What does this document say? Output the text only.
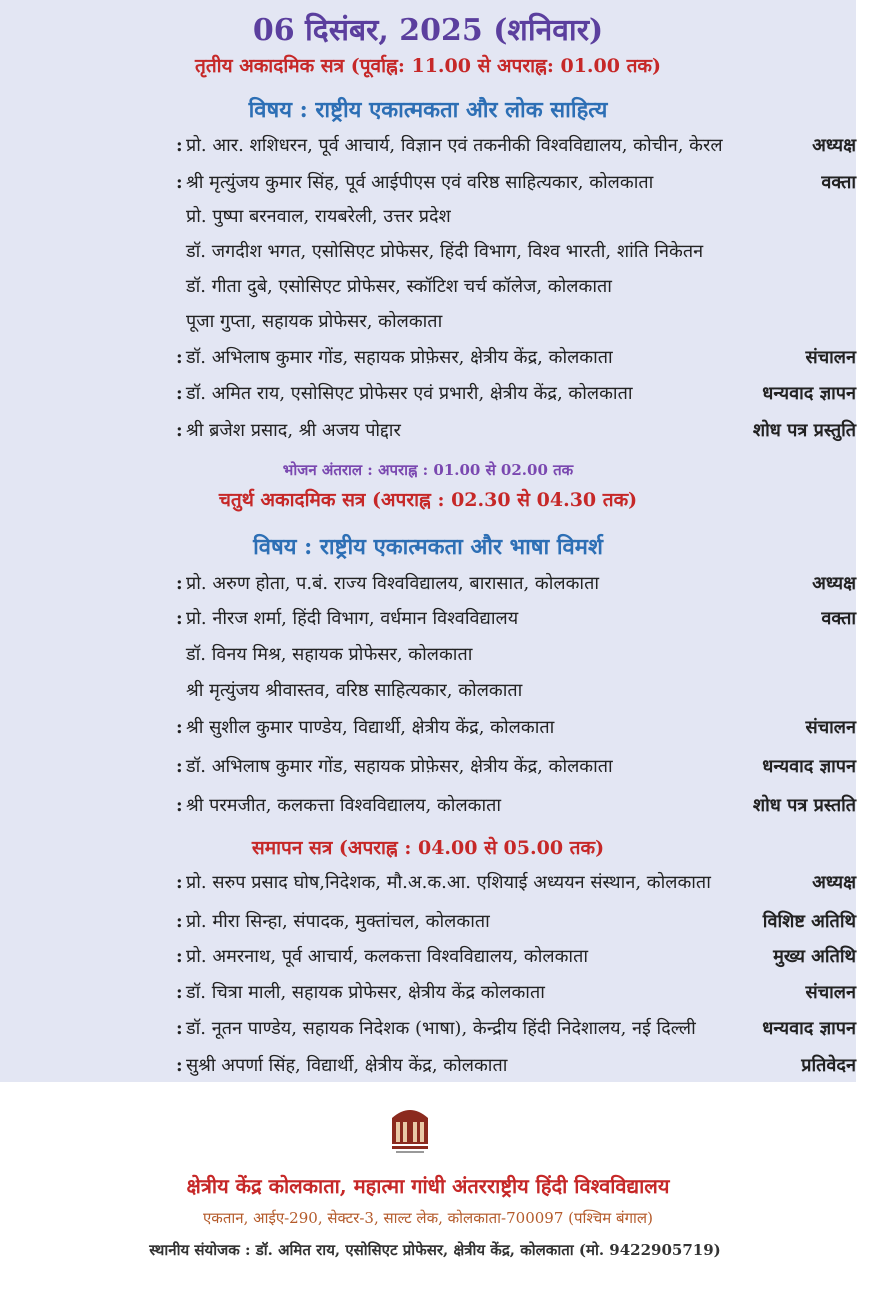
06 दिसंबर, 2025 (शनिवार)
तृतीय अकादमिक सत्र (पूर्वाह्न: 11.00 से अपराह्न: 01.00 तक)
विषय : राष्ट्रीय एकात्मकता और लोक साहित्य
अध्यक्ष
: प्रो. आर. शशिधरन, पूर्व आचार्य, विज्ञान एवं तकनीकी विश्वविद्यालय, कोचीन, केरल
वक्ता
: श्री मृत्युंजय कुमार सिंह, पूर्व आईपीएस एवं वरिष्ठ साहित्यकार, कोलकाता
प्रो. पुष्पा बरनवाल, रायबरेली, उत्तर प्रदेश
डॉ. जगदीश भगत, एसोसिएट प्रोफेसर, हिंदी विभाग, विश्व भारती, शांति निकेतन
डॉ. गीता दुबे, एसोसिएट प्रोफेसर, स्कॉटिश चर्च कॉलेज, कोलकाता
पूजा गुप्ता, सहायक प्रोफेसर, कोलकाता
संचालन
: डॉ. अभिलाष कुमार गोंड, सहायक प्रोफ़ेसर, क्षेत्रीय केंद्र, कोलकाता
धन्यवाद ज्ञापन
: डॉ. अमित राय, एसोसिएट प्रोफेसर एवं प्रभारी, क्षेत्रीय केंद्र, कोलकाता
शोध पत्र प्रस्तुति
: श्री ब्रजेश प्रसाद, श्री अजय पोद्दार
भोजन अंतराल : अपराह्न : 01.00 से 02.00 तक
चतुर्थ अकादमिक सत्र (अपराह्न : 02.30 से 04.30 तक)
विषय : राष्ट्रीय एकात्मकता और भाषा विमर्श
अध्यक्ष
: प्रो. अरुण होता, प.बं. राज्य विश्वविद्यालय, बारासात, कोलकाता
वक्ता
: प्रो. नीरज शर्मा, हिंदी विभाग, वर्धमान विश्वविद्यालय
डॉ. विनय मिश्र, सहायक प्रोफेसर, कोलकाता
श्री मृत्युंजय श्रीवास्तव, वरिष्ठ साहित्यकार, कोलकाता
संचालन
: श्री सुशील कुमार पाण्डेय, विद्यार्थी, क्षेत्रीय केंद्र, कोलकाता
धन्यवाद ज्ञापन
: डॉ. अभिलाष कुमार गोंड, सहायक प्रोफ़ेसर, क्षेत्रीय केंद्र, कोलकाता
शोध पत्र प्रस्तति
: श्री परमजीत, कलकत्ता विश्वविद्यालय, कोलकाता
समापन सत्र (अपराह्न : 04.00 से 05.00 तक)
अध्यक्ष
: प्रो. सरुप प्रसाद घोष,निदेशक, मौ.अ.क.आ. एशियाई अध्ययन संस्थान, कोलकाता
विशिष्ट अतिथि
: प्रो. मीरा सिन्हा, संपादक, मुक्तांचल, कोलकाता
मुख्य अतिथि
: प्रो. अमरनाथ, पूर्व आचार्य, कलकत्ता विश्वविद्यालय, कोलकाता
संचालन
: डॉ. चित्रा माली, सहायक प्रोफेसर, क्षेत्रीय केंद्र कोलकाता
धन्यवाद ज्ञापन
: डॉ. नूतन पाण्डेय, सहायक निदेशक (भाषा), केन्द्रीय हिंदी निदेशालय, नई दिल्ली
प्रतिवेदन
: सुश्री अपर्णा सिंह, विद्यार्थी, क्षेत्रीय केंद्र, कोलकाता
क्षेत्रीय केंद्र कोलकाता, महात्मा गांधी अंतरराष्ट्रीय हिंदी विश्वविद्यालय
एकतान, आईए-290, सेक्टर-3, साल्ट लेक, कोलकाता-700097 (पश्चिम बंगाल)
स्थानीय संयोजक : डॉ. अमित राय, एसोसिएट प्रोफेसर, क्षेत्रीय केंद्र, कोलकाता (मो. 9422905719)
